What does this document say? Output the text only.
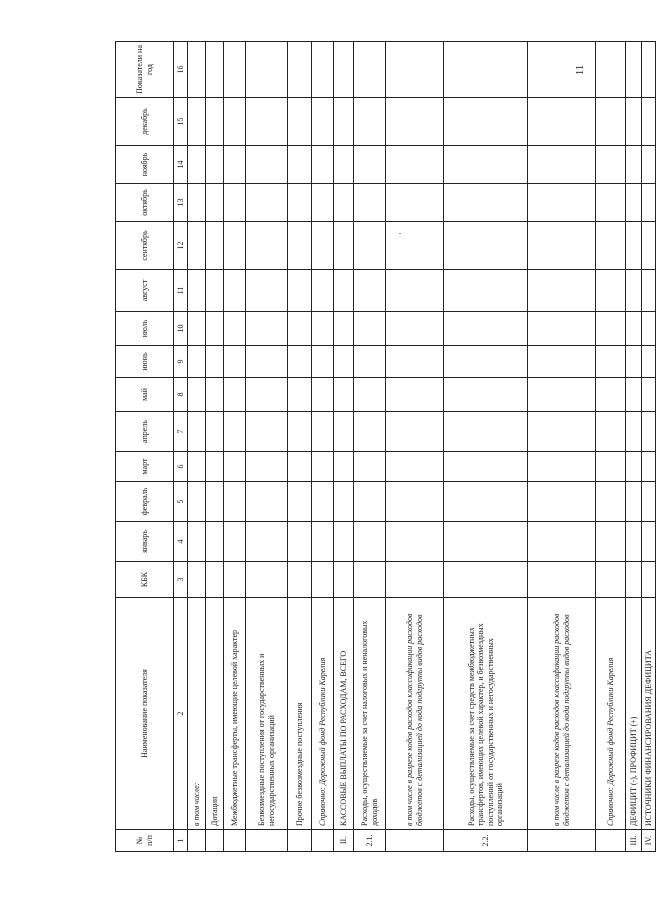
11
№ п/п	Наименование показателя	КБК	январь	февраль	март	апрель	май	июнь	июль	август	сентябрь	октябрь	ноябрь	декабрь	Показатели на год
1	2	3	4	5	6	7	8	9	10	11	12	13	14	15	16
	в том числе:														
	Дотации														
	Межбюджетные трансферты, имеющие целевой характер														
	Безвозмездные поступления от государственных и негосударственных организаций														
	Прочие безвозмездные поступления														
	Справочно: Дорожный фонд Республики Карелия														
II.	КАССОВЫЕ ВЫПЛАТЫ ПО РАСХОДАМ, ВСЕГО														
2.1.	Расходы, осуществляемые за счет налоговых и неналоговых доходов														
	в том числе в разрезе кодов расходов классификации расходов бюджетов с детализацией до кода подгруппы видов расходов														
2.2.	Расходы, осуществляемые за счет средств межбюджетных трансфертов, имеющих целевой характер, и безвозмездных поступлений от государственных и негосударственных организаций														
	в том числе в разрезе кодов расходов классификации расходов бюджетов с детализацией до кода подгруппы видов расходов														
	Справочно: Дорожный фонд Республики Карелия														
III.	ДЕФИЦИТ (-), ПРОФИЦИТ (+)														
IV.	ИСТОЧНИКИ ФИНАНСИРОВАНИЯ ДЕФИЦИТА														
